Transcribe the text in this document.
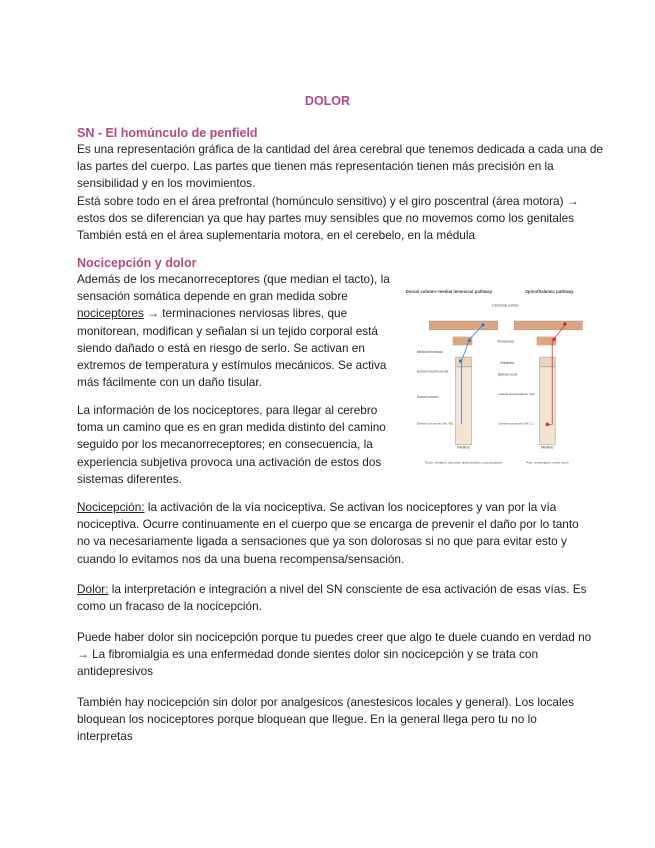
DOLOR
SN - El homúnculo de penfield
Es una representación gráfica de la cantidad del área cerebral que tenemos dedicada a cada una de
las partes del cuerpo. Las partes que tienen más representación tienen más precisión en la
sensibilidad y en los movimientos.
Está sobre todo en el área prefrontal (homúnculo sensitivo) y el giro poscentral (área motora) →
estos dos se diferencian ya que hay partes muy sensibles que no movemos como los genitales
También está en el área suplementaria motora, en el cerebelo, en la médula
Nocicepción y dolor
Además de los mecanorreceptores (que median el tacto), la
sensación somática depende en gran medida sobre
nociceptores → terminaciones nerviosas libres, que
monitorean, modifican y señalan si un tejido corporal está
siendo dañado o está en riesgo de serlo. Se activan en
extremos de temperatura y estímulos mecánicos. Se activa
más fácilmente con un daño tisular.
La información de los nociceptores, para llegar al cerebro
toma un camino que es en gran medida distinto del camino
seguido por los mecanorreceptores; en consecuencia, la
experiencia subjetiva provoca una activación de estos dos
sistemas diferentes.
Nocicepción: la activación de la vía nociceptiva. Se activan los nociceptores y van por la vía
nociceptiva. Ocurre continuamente en el cuerpo que se encarga de prevenir el daño por lo tanto
no va necesariamente ligada a sensaciones que ya son dolorosas si no que para evitar esto y
cuando lo evitamos nos da una buena recompensa/sensación.
Dolor: la interpretación e integración a nivel del SN consciente de esa activación de esas vías. Es
como un fracaso de la nocicepción.
Puede haber dolor sin nocicepción porque tu puedes creer que algo te duele cuando en verdad no
→ La fibromialgia es una enfermedad donde sientes dolor sin nocicepción y se trata con
antidepresivos
También hay nocicepción sin dolor por analgesicos (anestesicos locales y general). Los locales
bloquean los nociceptores porque bloquean que llegue. En la general llega pero tu no lo
interpretas
Dorsal column–medial lemniscal pathway	Spinothalamic pathway
Cerebral cortex
Thalamus
Medulla
Spinal cord
Medial lemniscus
Dorsal column nuclei
Dorsal column
Dorsal root axons (Aα, Aβ)
Lateral spinothalamic tract
Dorsal root axons (Aδ, C)
Midline	Midline
Touch, vibration, two-point discrimination, proprioception	Pain, temperature, some touch
